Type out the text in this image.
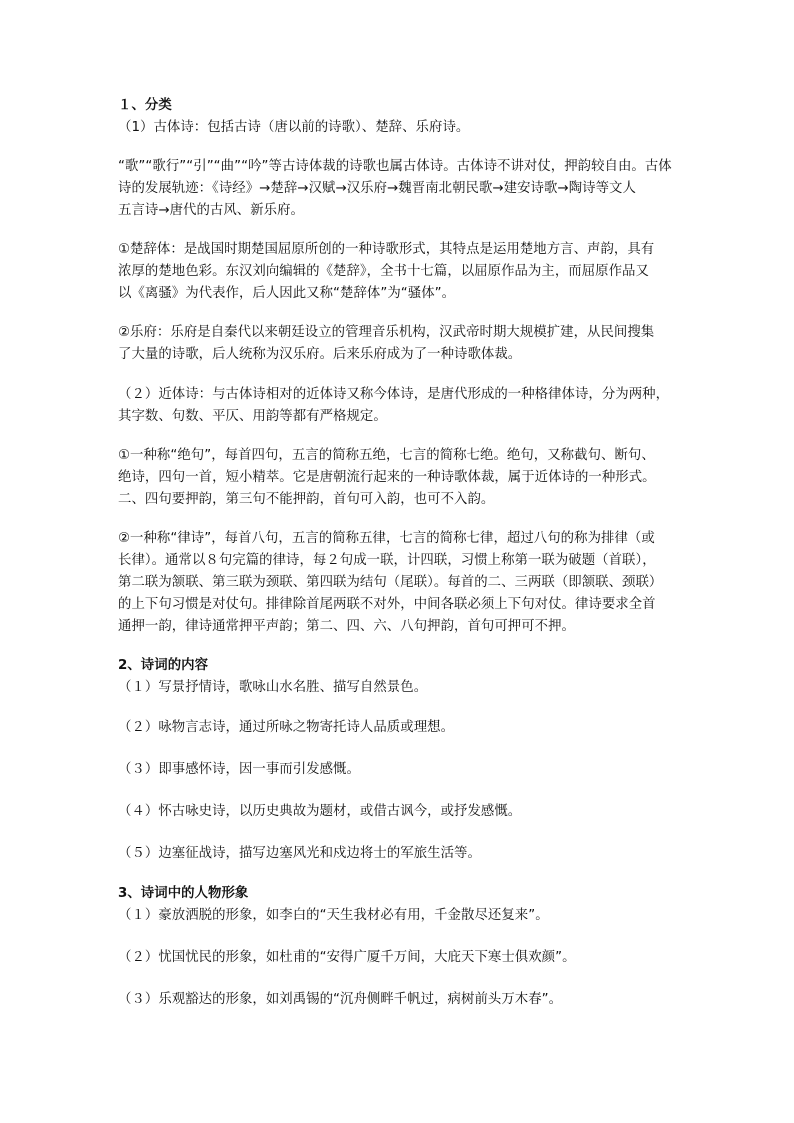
１、分类

（1）古体诗：包括古诗（唐以前的诗歌）、楚辞、乐府诗。

“歌”“歌行”“引”“曲”“吟”等古诗体裁的诗歌也属古体诗。古体诗不讲对仗，押韵较自由。古体

诗的发展轨迹：《诗经》→楚辞→汉赋→汉乐府→魏晋南北朝民歌→建安诗歌→陶诗等文人

五言诗→唐代的古风、新乐府。

①楚辞体：是战国时期楚国屈原所创的一种诗歌形式，其特点是运用楚地方言、声韵，具有

浓厚的楚地色彩。东汉刘向编辑的《楚辞》，全书十七篇，以屈原作品为主，而屈原作品又

以《离骚》为代表作，后人因此又称“楚辞体”为“骚体”。

②乐府：乐府是自秦代以来朝廷设立的管理音乐机构，汉武帝时期大规模扩建，从民间搜集

了大量的诗歌，后人统称为汉乐府。后来乐府成为了一种诗歌体裁。

（２）近体诗：与古体诗相对的近体诗又称今体诗，是唐代形成的一种格律体诗，分为两种，

其字数、句数、平仄、用韵等都有严格规定。

①一种称“绝句”，每首四句，五言的简称五绝，七言的简称七绝。绝句，又称截句、断句、

绝诗，四句一首，短小精萃。它是唐朝流行起来的一种诗歌体裁，属于近体诗的一种形式。

二、四句要押韵，第三句不能押韵，首句可入韵，也可不入韵。

②一种称“律诗”，每首八句，五言的简称五律，七言的简称七律，超过八句的称为排律（或

长律）。通常以８句完篇的律诗，每２句成一联，计四联，习惯上称第一联为破题（首联），

第二联为颔联、第三联为颈联、第四联为结句（尾联）。每首的二、三两联（即颔联、颈联）

的上下句习惯是对仗句。排律除首尾两联不对外，中间各联必须上下句对仗。律诗要求全首

通押一韵，律诗通常押平声韵；第二、四、六、八句押韵，首句可押可不押。

2、诗词的内容

（１）写景抒情诗，歌咏山水名胜、描写自然景色。

（２）咏物言志诗，通过所咏之物寄托诗人品质或理想。

（３）即事感怀诗，因一事而引发感慨。

（４）怀古咏史诗，以历史典故为题材，或借古讽今，或抒发感慨。

（５）边塞征战诗，描写边塞风光和戍边将士的军旅生活等。

3、诗词中的人物形象

（１）豪放洒脱的形象，如李白的“天生我材必有用，千金散尽还复来”。

（２）忧国忧民的形象，如杜甫的“安得广厦千万间，大庇天下寒士俱欢颜”。

（３）乐观豁达的形象，如刘禹锡的“沉舟侧畔千帆过，病树前头万木春”。
